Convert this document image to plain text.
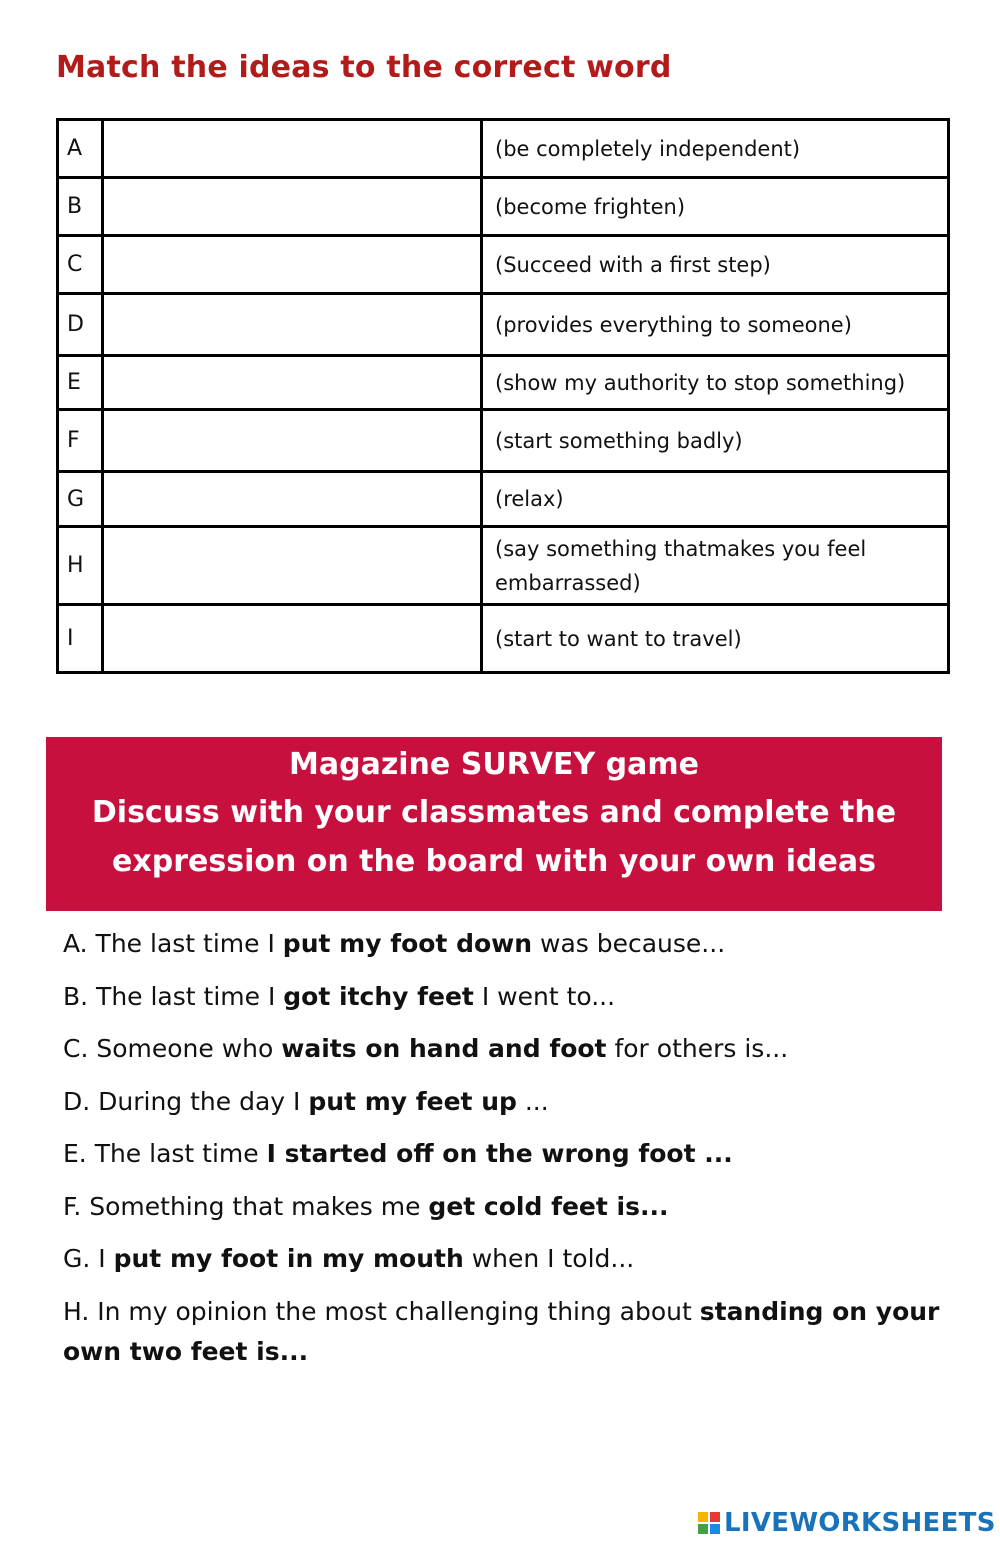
Match the ideas to the correct word
A		(be completely independent)
B		(become frighten)
C		(Succeed with a first step)
D		(provides everything to someone)
E		(show my authority to stop something)
F		(start something badly)
G		(relax)
H		(say something thatmakes you feel embarrassed)
I		(start to want to travel)
Magazine SURVEY game
Discuss with your classmates and complete the expression on the board with your own ideas
A. The last time I put my foot down was because...
B. The last time I got itchy feet I went to...
C. Someone who waits on hand and foot for others is...
D. During the day I put my feet up ...
E. The last time I started off on the wrong foot ...
F. Something that makes me get cold feet is...
G. I put my foot in my mouth when I told...
H. In my opinion the most challenging thing about standing on your own two feet is...
LIVEWORKSHEETS
